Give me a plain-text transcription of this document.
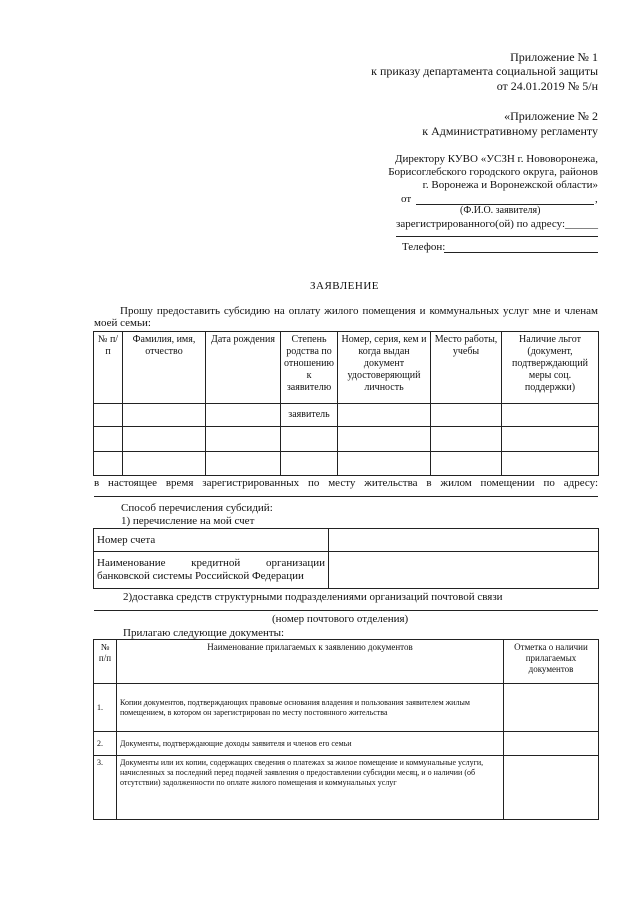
Приложение № 1
к приказу департамента социальной защиты
от 24.01.2019 № 5/н
«Приложение № 2
к Административному регламенту
Директору КУВО «УСЗН г. Нововоронежа,
Борисоглебского городского округа, районов
г. Воронежа и Воронежской области»
от	,
(Ф.И.О. заявителя)
зарегистрированного(ой) по адресу:______
Телефон:
ЗАЯВЛЕНИЕ
Прошу предоставить субсидию на оплату жилого помещения и коммунальных услуг мне и членам
моей семьи:
№ п/п	Фамилия, имя, отчество	Дата рождения	Степень родства по отношению к заявителю	Номер, серия, кем и когда выдан документ удостоверяющий личность	Место работы, учебы	Наличие льгот (документ, подтверждающий меры соц. поддержки)
			заявитель			

в настоящее время зарегистрированных по месту жительства в жилом помещении по адресу:
Способ перечисления субсидий:
1) перечисление на мой счет
Номер счета	

Наименование кредитной организации
банковской системы Российской Федерации	

2)доставка средств структурными подразделениями организаций почтовой связи
(номер почтового отделения)
Прилагаю следующие документы:
№ п/п	Наименование прилагаемых к заявлению документов	Отметка о наличии прилагаемых документов
1.	Копии документов, подтверждающих правовые основания владения и пользования заявителем жилым помещением, в котором он зарегистрирован по месту постоянного жительства	
2.	Документы, подтверждающие доходы заявителя и членов его семьи	
3.	Документы или их копии, содержащих сведения о платежах за жилое помещение и коммунальные услуги, начисленных за последний перед подачей заявления о предоставлении субсидии месяц, и о наличии (об отсутствии) задолженности по оплате жилого помещения и коммунальных услуг	
